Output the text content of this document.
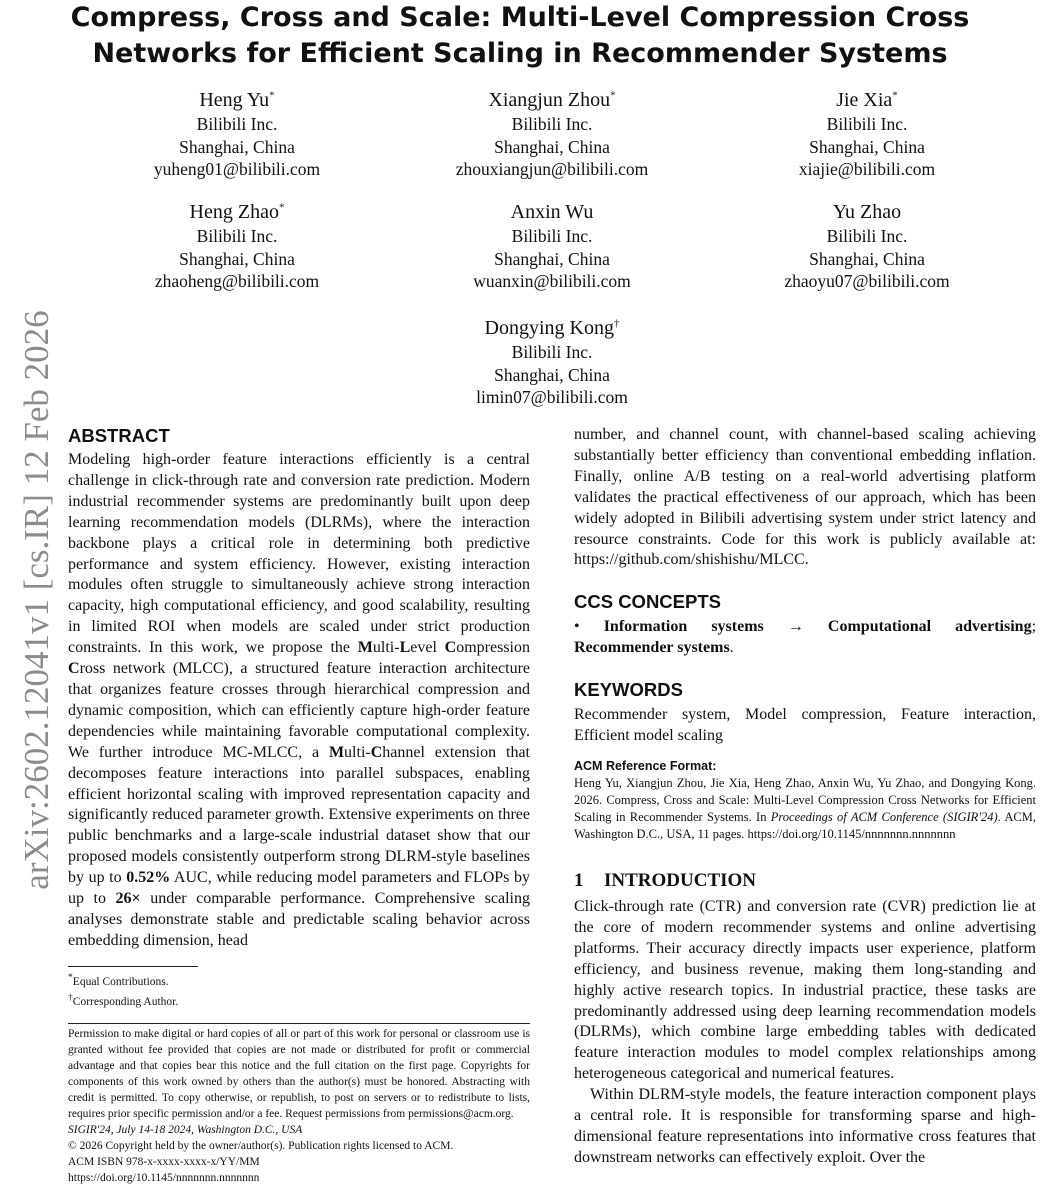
Compress, Cross and Scale: Multi-Level Compression Cross
Networks for Efficient Scaling in Recommender Systems
Heng Yu*
Bilibili Inc.
Shanghai, China
yuheng01@bilibili.com
Xiangjun Zhou*
Bilibili Inc.
Shanghai, China
zhouxiangjun@bilibili.com
Jie Xia*
Bilibili Inc.
Shanghai, China
xiajie@bilibili.com
Heng Zhao*
Bilibili Inc.
Shanghai, China
zhaoheng@bilibili.com
Anxin Wu
Bilibili Inc.
Shanghai, China
wuanxin@bilibili.com
Yu Zhao
Bilibili Inc.
Shanghai, China
zhaoyu07@bilibili.com
Dongying Kong†
Bilibili Inc.
Shanghai, China
limin07@bilibili.com
arXiv:2602.12041v1 [cs.IR] 12 Feb 2026 ABSTRACT

Modeling high-order feature interactions efficiently is a central challenge in click-through rate and conversion rate prediction. Modern industrial recommender systems are predominantly built upon deep learning recommendation models (DLRMs), where the interaction backbone plays a critical role in determining both predictive performance and system efficiency. However, existing interaction modules often struggle to simultaneously achieve strong interaction capacity, high computational efficiency, and good scalability, resulting in limited ROI when models are scaled under strict production constraints. In this work, we propose the Multi-Level Compression Cross network (MLCC), a structured feature interaction architecture that organizes feature crosses through hierarchical compression and dynamic composition, which can efficiently capture high-order feature dependencies while maintaining favorable computational complexity. We further introduce MC-MLCC, a Multi-Channel extension that decomposes feature interactions into parallel subspaces, enabling efficient horizontal scaling with improved representation capacity and significantly reduced parameter growth. Extensive experiments on three public benchmarks and a large-scale industrial dataset show that our proposed models consistently outperform strong DLRM-style baselines by up to 0.52% AUC, while reducing model parameters and FLOPs by up to 26× under comparable performance. Comprehensive scaling analyses demonstrate stable and predictable scaling behavior across embedding dimension, head

*Equal Contributions.
†Corresponding Author.
Permission to make digital or hard copies of all or part of this work for personal or classroom use is granted without fee provided that copies are not made or distributed for profit or commercial advantage and that copies bear this notice and the full citation on the first page. Copyrights for components of this work owned by others than the author(s) must be honored. Abstracting with credit is permitted. To copy otherwise, or republish, to post on servers or to redistribute to lists, requires prior specific permission and/or a fee. Request permissions from permissions@acm.org.
SIGIR'24, July 14-18 2024, Washington D.C., USA
© 2026 Copyright held by the owner/author(s). Publication rights licensed to ACM.
ACM ISBN 978-x-xxxx-xxxx-x/YY/MM
https://doi.org/10.1145/nnnnnnn.nnnnnnn

number, and channel count, with channel-based scaling achieving substantially better efficiency than conventional embedding inflation. Finally, online A/B testing on a real-world advertising platform validates the practical effectiveness of our approach, which has been widely adopted in Bilibili advertising system under strict latency and resource constraints. Code for this work is publicly available at: https://github.com/shishishu/MLCC.

CCS CONCEPTS

• Information systems → Computational advertising; Recommender systems.

KEYWORDS

Recommender system, Model compression, Feature interaction, Efficient model scaling

ACM Reference Format:
Heng Yu, Xiangjun Zhou, Jie Xia, Heng Zhao, Anxin Wu, Yu Zhao, and Dongying Kong. 2026. Compress, Cross and Scale: Multi-Level Compression Cross Networks for Efficient Scaling in Recommender Systems. In Proceedings of ACM Conference (SIGIR'24). ACM, Washington D.C., USA, 11 pages. https://doi.org/10.1145/nnnnnnn.nnnnnnn
1 INTRODUCTION

Click-through rate (CTR) and conversion rate (CVR) prediction lie at the core of modern recommender systems and online advertising platforms. Their accuracy directly impacts user experience, platform efficiency, and business revenue, making them long-standing and highly active research topics. In industrial practice, these tasks are predominantly addressed using deep learning recommendation models (DLRMs), which combine large embedding tables with dedicated feature interaction modules to model complex relationships among heterogeneous categorical and numerical features.

Within DLRM-style models, the feature interaction component plays a central role. It is responsible for transforming sparse and high-dimensional feature representations into informative cross features that downstream networks can effectively exploit. Over the
